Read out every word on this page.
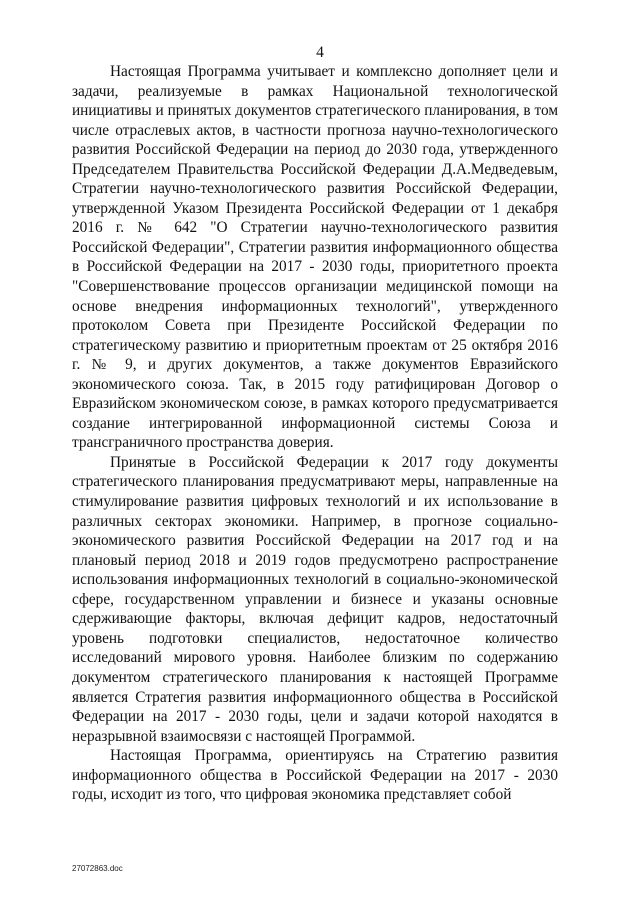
4

Настоящая Программа учитывает и комплексно дополняет цели и задачи, реализуемые в рамках Национальной технологической инициативы и принятых документов стратегического планирования, в том числе отраслевых актов, в частности прогноза научно-технологического развития Российской Федерации на период до 2030 года, утвержденного Председателем Правительства Российской Федерации Д.А.Медведевым, Стратегии научно-технологического развития Российской Федерации, утвержденной Указом Президента Российской Федерации от 1 декабря 2016 г. № 642 "О Стратегии научно-технологического развития Российской Федерации", Стратегии развития информационного общества в Российской Федерации на 2017 - 2030 годы, приоритетного проекта "Совершенствование процессов организации медицинской помощи на основе внедрения информационных технологий", утвержденного протоколом Совета при Президенте Российской Федерации по стратегическому развитию и приоритетным проектам от 25 октября 2016 г. № 9, и других документов, а также документов Евразийского экономического союза. Так, в 2015 году ратифицирован Договор о Евразийском экономическом союзе, в рамках которого предусматривается создание интегрированной информационной системы Союза и трансграничного пространства доверия.

Принятые в Российской Федерации к 2017 году документы стратегического планирования предусматривают меры, направленные на стимулирование развития цифровых технологий и их использование в различных секторах экономики. Например, в прогнозе социально-экономического развития Российской Федерации на 2017 год и на плановый период 2018 и 2019 годов предусмотрено распространение использования информационных технологий в социально-экономической сфере, государственном управлении и бизнесе и указаны основные сдерживающие факторы, включая дефицит кадров, недостаточный уровень подготовки специалистов, недостаточное количество исследований мирового уровня. Наиболее близким по содержанию документом стратегического планирования к настоящей Программе является Стратегия развития информационного общества в Российской Федерации на 2017 - 2030 годы, цели и задачи которой находятся в неразрывной взаимосвязи с настоящей Программой.

Настоящая Программа, ориентируясь на Стратегию развития информационного общества в Российской Федерации на 2017 - 2030 годы, исходит из того, что цифровая экономика представляет собой

27072863.doc
